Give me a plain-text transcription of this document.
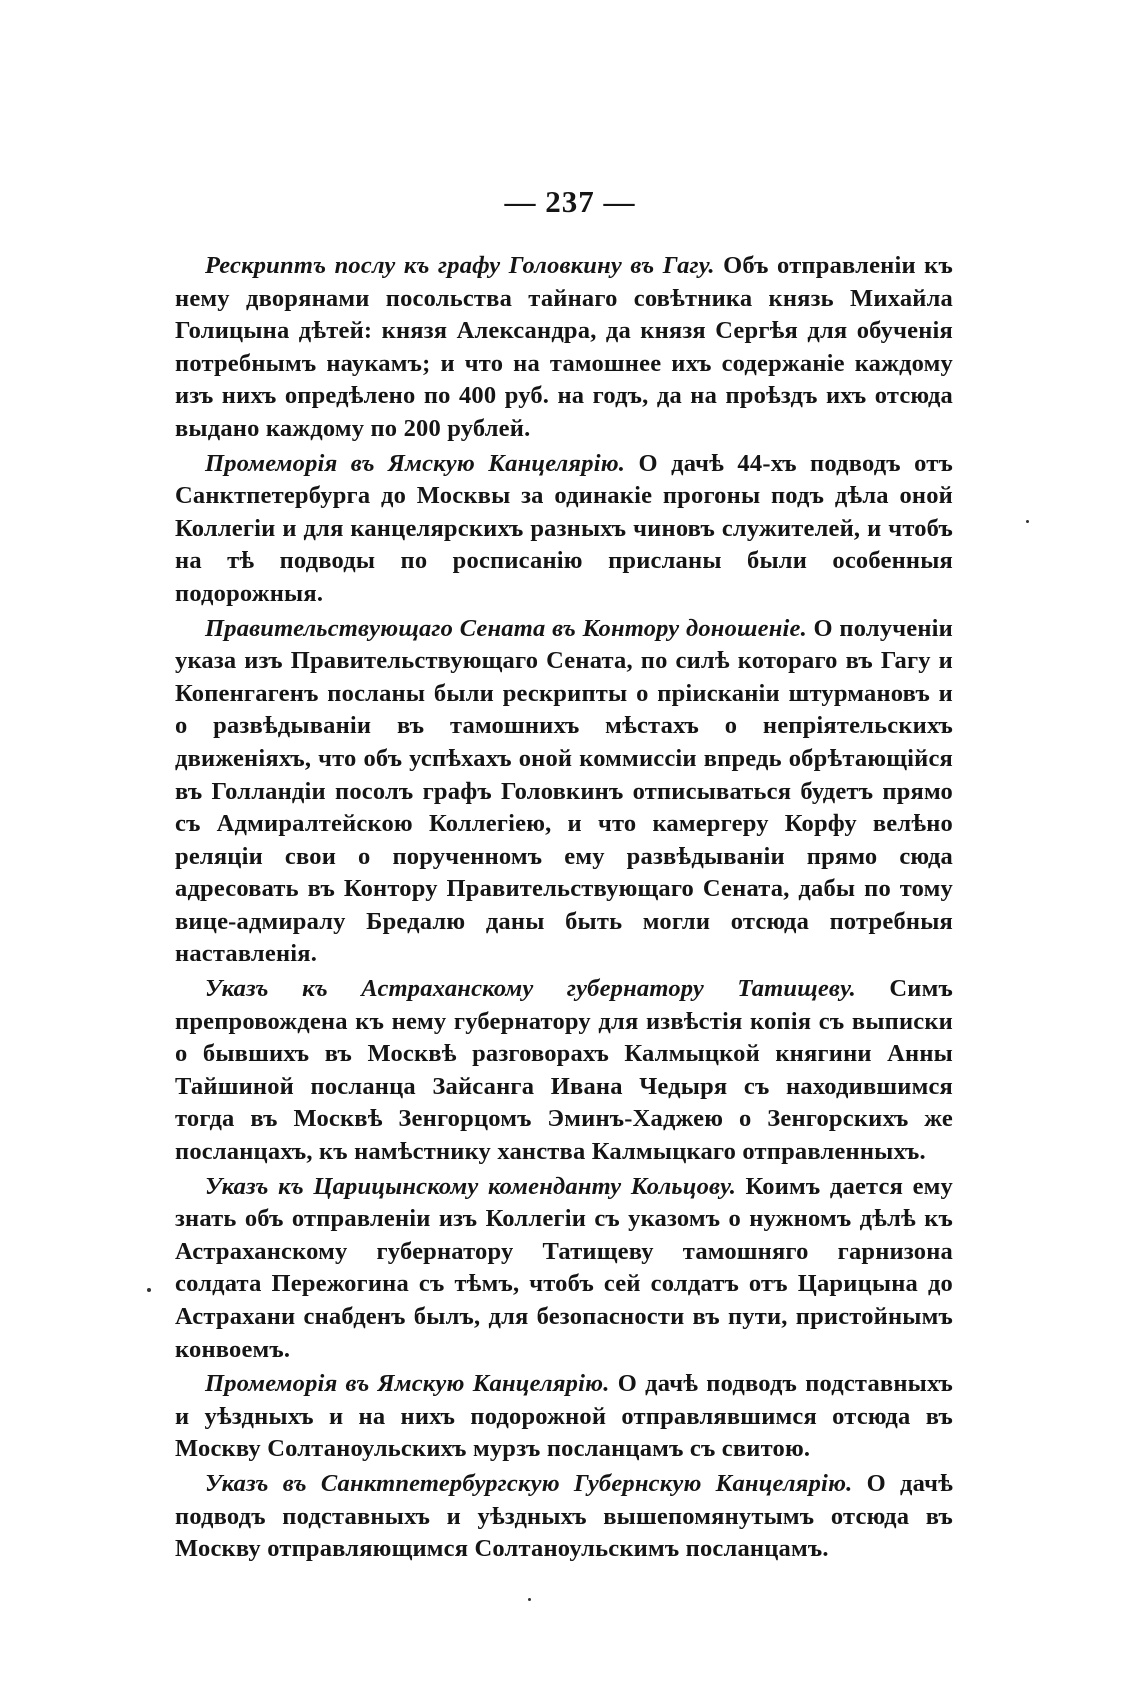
— 237 —

Рескриптъ послу къ графу Головкину въ Гагу. Объ отправленіи къ нему дворянами посольства тайнаго совѣтника князь Михайла Голицына дѣтей: князя Александра, да князя Сергѣя для обученія потребнымъ наукамъ; и что на тамошнее ихъ содержаніе каждому изъ нихъ опредѣлено по 400 руб. на годъ, да на проѣздъ ихъ отсюда выдано каждому по 200 рублей.

Промеморія въ Ямскую Канцелярію. О дачѣ 44-хъ подводъ отъ Санктпетербурга до Москвы за одинакіе прогоны подъ дѣла оной Коллегіи и для канцелярскихъ разныхъ чиновъ служителей, и чтобъ на тѣ подводы по росписанію присланы были особенныя подорожныя.

Правительствующаго Сената въ Контору доношеніе. О полученіи указа изъ Правительствующаго Сената, по силѣ котораго въ Гагу и Копенгагенъ посланы были рескрипты о пріисканіи штурмановъ и о развѣдываніи въ тамошнихъ мѣстахъ о непріятельскихъ движеніяхъ, что объ успѣхахъ оной коммиссіи впредь обрѣтающійся въ Голландіи посолъ графъ Головкинъ отписываться будетъ прямо съ Адмиралтейскою Коллегіею, и что камергеру Корфу велѣно реляціи свои о порученномъ ему развѣдываніи прямо сюда адресовать въ Контору Правительствующаго Сената, дабы по тому вице-адмиралу Бредалю даны быть могли отсюда потребныя наставленія.

Указъ къ Астраханскому губернатору Татищеву. Симъ препровождена къ нему губернатору для извѣстія копія съ выписки о бывшихъ въ Москвѣ разговорахъ Калмыцкой княгини Анны Тайшиной посланца Зайсанга Ивана Чедыря съ находившимся тогда въ Москвѣ Зенгорцомъ Эминъ-Хаджею о Зенгорскихъ же посланцахъ, къ намѣстнику ханства Калмыцкаго отправленныхъ.

Указъ къ Царицынскому коменданту Кольцову. Коимъ дается ему знать объ отправленіи изъ Коллегіи съ указомъ о нужномъ дѣлѣ къ Астраханскому губернатору Татищеву тамошняго гарнизона солдата Пережогина съ тѣмъ, чтобъ сей солдатъ отъ Царицына до Астрахани снабденъ былъ, для безопасности въ пути, пристойнымъ конвоемъ.

Промеморія въ Ямскую Канцелярію. О дачѣ подводъ подставныхъ и уѣздныхъ и на нихъ подорожной отправлявшимся отсюда въ Москву Солтаноульскихъ мурзъ посланцамъ съ свитою.

Указъ въ Санктпетербургскую Губернскую Канцелярію. О дачѣ подводъ подставныхъ и уѣздныхъ вышепомянутымъ отсюда въ Москву отправляющимся Солтаноульскимъ посланцамъ.
